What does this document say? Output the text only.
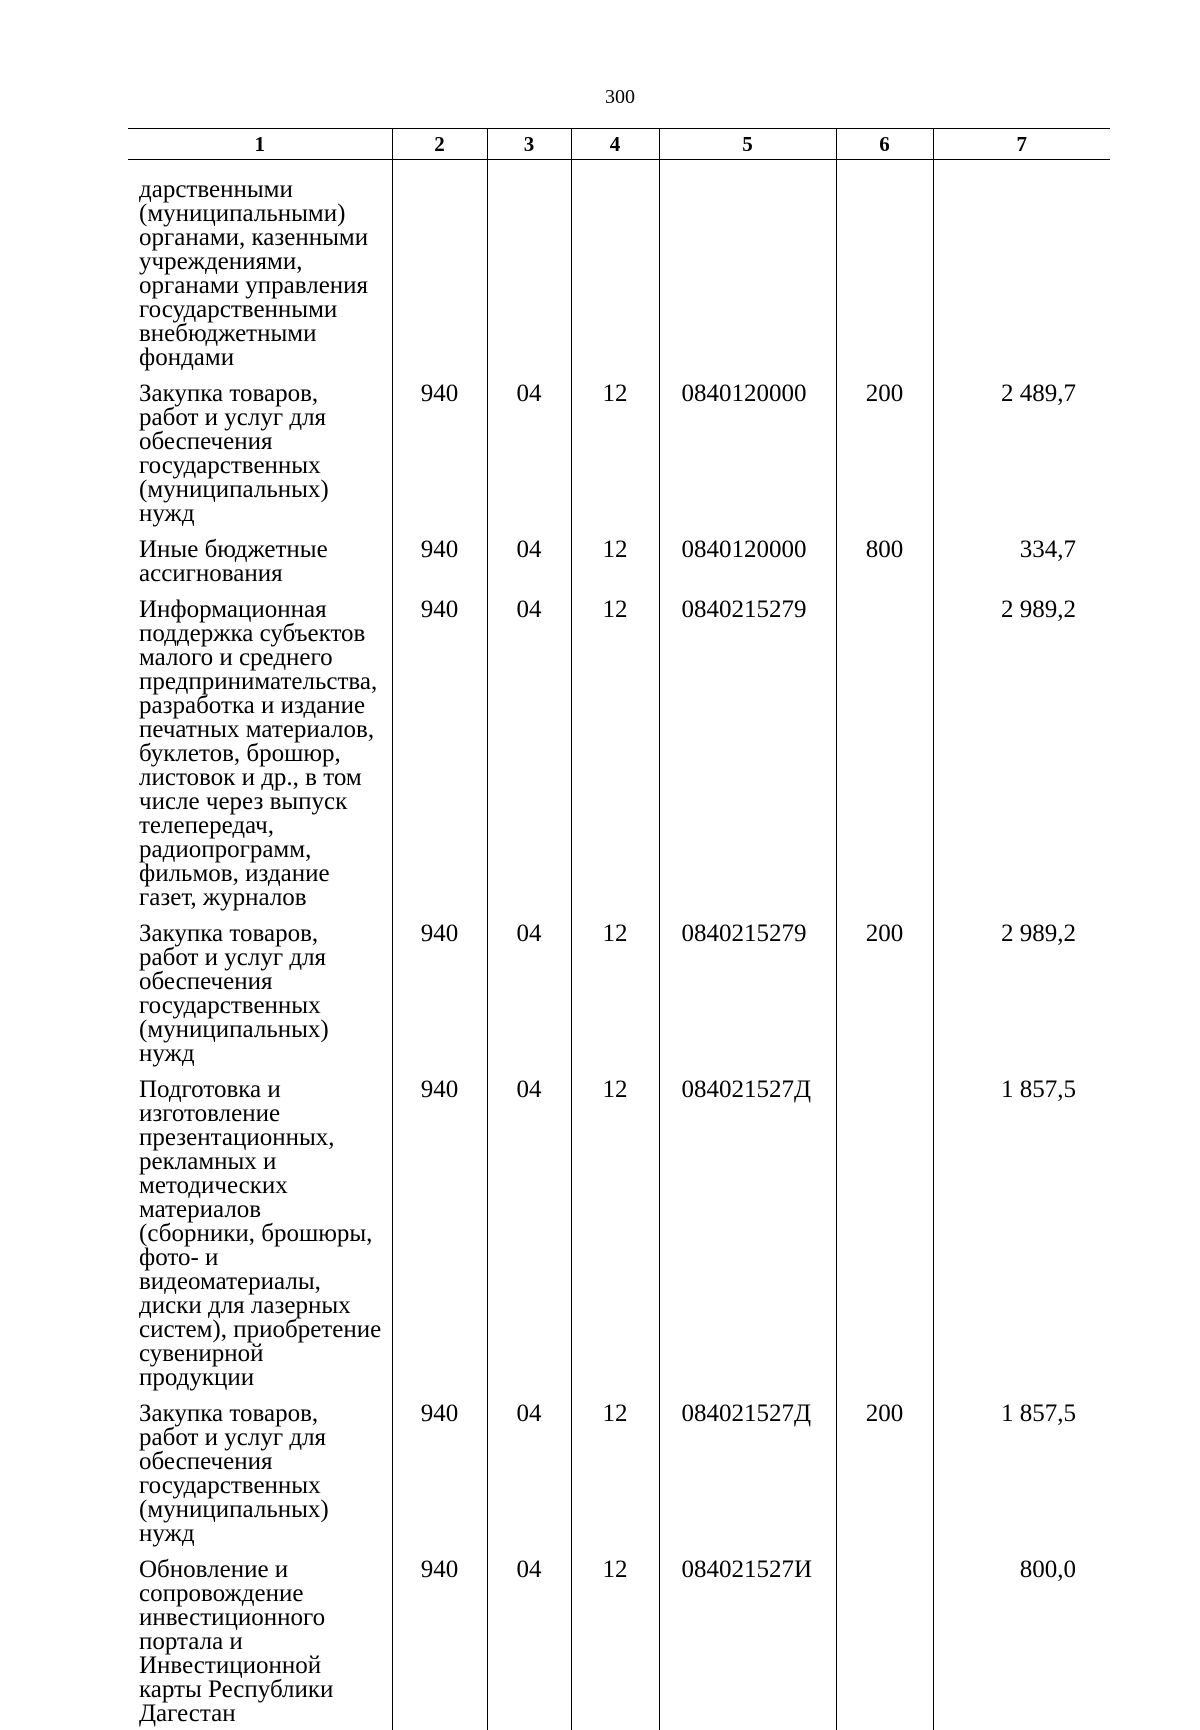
300
1	2	3	4	5	6	7

дарственными (муниципальными) органами, казенными учреждениями, органами управления государственными внебюджетными фондами						
Закупка товаров, работ и услуг для обеспечения государственных (муниципальных) нужд	940	04	12	0840120000	200	2 489,7
Иные бюджетные ассигнования	940	04	12	0840120000	800	334,7
Информационная поддержка субъектов малого и среднего предпринимательства, разработка и издание печатных материалов, буклетов, брошюр, листовок и др., в том числе через выпуск телепередач, радиопрограмм, фильмов, издание газет, журналов	940	04	12	0840215279		2 989,2
Закупка товаров, работ и услуг для обеспечения государственных (муниципальных) нужд	940	04	12	0840215279	200	2 989,2
Подготовка и изготовление презентационных, рекламных и методических материалов (сборники, брошюры, фото- и видеоматериалы, диски для лазерных систем), приобретение сувенирной продукции	940	04	12	084021527Д		1 857,5
Закупка товаров, работ и услуг для обеспечения государственных (муниципальных) нужд	940	04	12	084021527Д	200	1 857,5
Обновление и сопровождение инвестиционного портала и Инвестиционной карты Республики Дагестан	940	04	12	084021527И		800,0
